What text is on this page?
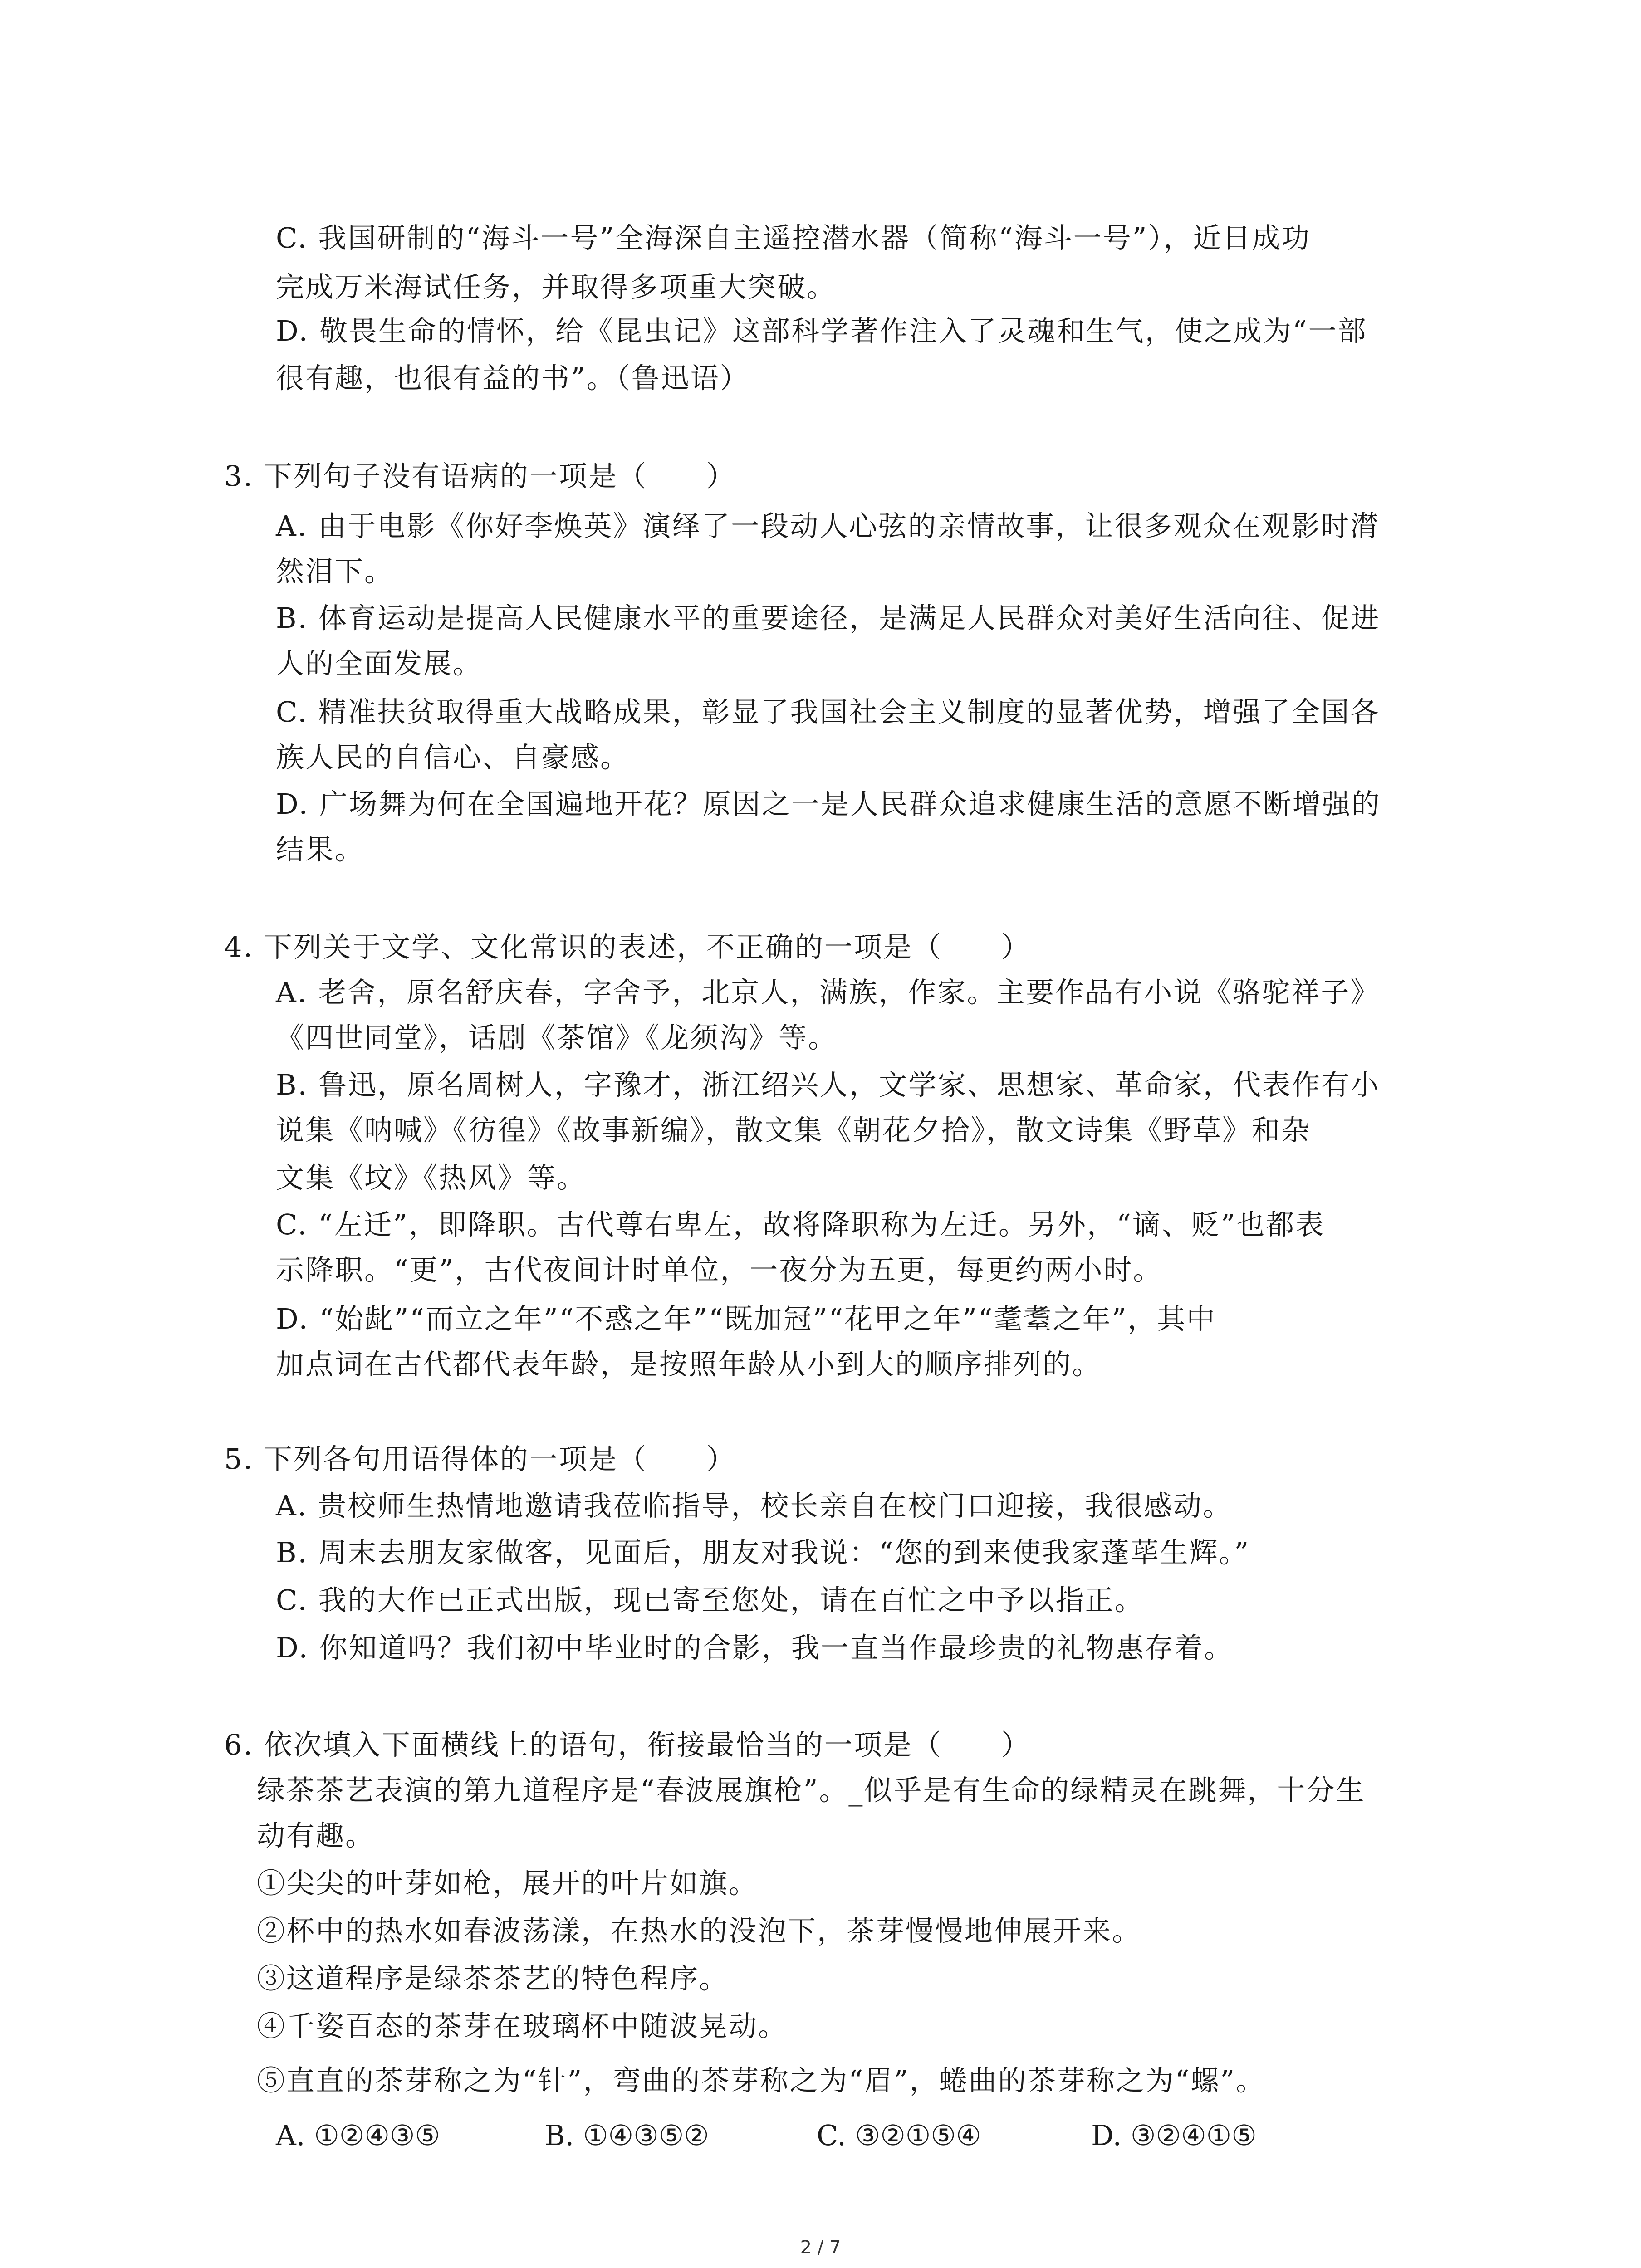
C. 我国研制的“海斗一号”全海深自主遥控潜水器（简称“海斗一号”），近日成功
完成万米海试任务，并取得多项重大突破。
D. 敬畏生命的情怀，给《昆虫记》这部科学著作注入了灵魂和生气，使之成为“一部
很有趣，也很有益的书”。（鲁迅语）
3. 下列句子没有语病的一项是（　　）
A. 由于电影《你好李焕英》演绎了一段动人心弦的亲情故事，让很多观众在观影时潸
然泪下。
B. 体育运动是提高人民健康水平的重要途径，是满足人民群众对美好生活向往、促进
人的全面发展。
C. 精准扶贫取得重大战略成果，彰显了我国社会主义制度的显著优势，增强了全国各
族人民的自信心、自豪感。
D. 广场舞为何在全国遍地开花？原因之一是人民群众追求健康生活的意愿不断增强的
结果。
4. 下列关于文学、文化常识的表述，不正确的一项是（　　）
A. 老舍，原名舒庆春，字舍予，北京人，满族，作家。主要作品有小说《骆驼祥子》
《四世同堂》，话剧《茶馆》《龙须沟》等。
B. 鲁迅，原名周树人，字豫才，浙江绍兴人，文学家、思想家、革命家，代表作有小
说集《呐喊》《彷徨》《故事新编》，散文集《朝花夕拾》，散文诗集《野草》和杂
文集《坟》《热风》等。
C. “左迁”，即降职。古代尊右卑左，故将降职称为左迁。另外，“谪、贬”也都表
示降职。“更”，古代夜间计时单位，一夜分为五更，每更约两小时。
D. “始龀”“而立之年”“不惑之年”“既加冠”“花甲之年”“耄耋之年”，其中
加点词在古代都代表年龄，是按照年龄从小到大的顺序排列的。
5. 下列各句用语得体的一项是（　　）
A. 贵校师生热情地邀请我莅临指导，校长亲自在校门口迎接，我很感动。
B. 周末去朋友家做客，见面后，朋友对我说：“您的到来使我家蓬荜生辉。”
C. 我的大作已正式出版，现已寄至您处，请在百忙之中予以指正。
D. 你知道吗？我们初中毕业时的合影，我一直当作最珍贵的礼物惠存着。
6. 依次填入下面横线上的语句，衔接最恰当的一项是（　　）
绿茶茶艺表演的第九道程序是“春波展旗枪”。_似乎是有生命的绿精灵在跳舞，十分生
动有趣。
①尖尖的叶芽如枪，展开的叶片如旗。
②杯中的热水如春波荡漾，在热水的没泡下，茶芽慢慢地伸展开来。
③这道程序是绿茶茶艺的特色程序。
④千姿百态的茶芽在玻璃杯中随波晃动。
⑤直直的茶芽称之为“针”，弯曲的茶芽称之为“眉”，蜷曲的茶芽称之为“螺”。
A. ①②④③⑤	B. ①④③⑤②	C. ③②①⑤④	D. ③②④①⑤
2 / 7
